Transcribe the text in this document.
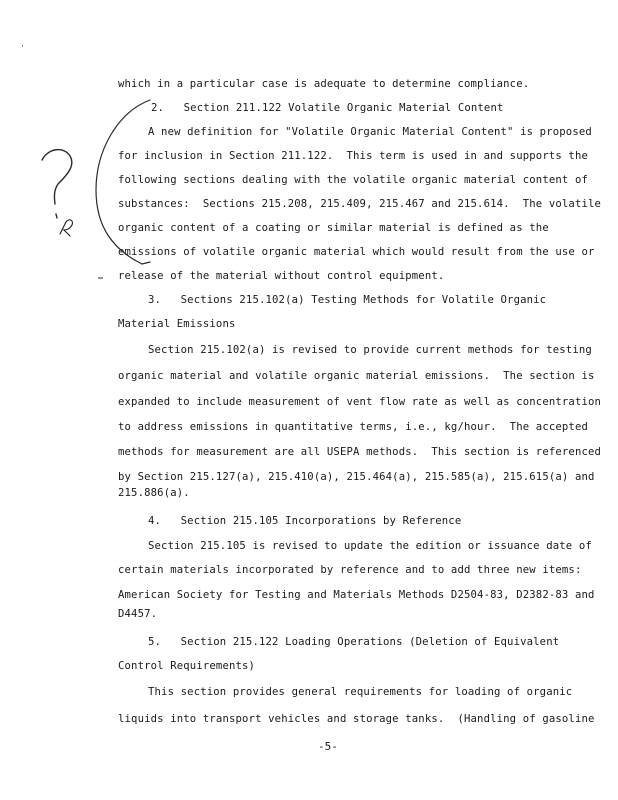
which in a particular case is adequate to determine compliance.
2.   Section 211.122 Volatile Organic Material Content
A new definition for "Volatile Organic Material Content" is proposed
for inclusion in Section 211.122.  This term is used in and supports the
following sections dealing with the volatile organic material content of
substances:  Sections 215.208, 215.409, 215.467 and 215.614.  The volatile
organic content of a coating or similar material is defined as the
emissions of volatile organic material which would result from the use or
release of the material without control equipment.
3.   Sections 215.102(a) Testing Methods for Volatile Organic
Material Emissions
Section 215.102(a) is revised to provide current methods for testing
organic material and volatile organic material emissions.  The section is
expanded to include measurement of vent flow rate as well as concentration
to address emissions in quantitative terms, i.e., kg/hour.  The accepted
methods for measurement are all USEPA methods.  This section is referenced
by Section 215.127(a), 215.410(a), 215.464(a), 215.585(a), 215.615(a) and
215.886(a).
4.   Section 215.105 Incorporations by Reference
Section 215.105 is revised to update the edition or issuance date of
certain materials incorporated by reference and to add three new items:
American Society for Testing and Materials Methods D2504-83, D2382-83 and
D4457.
5.   Section 215.122 Loading Operations (Deletion of Equivalent
Control Requirements)
This section provides general requirements for loading of organic
liquids into transport vehicles and storage tanks.  (Handling of gasoline
-5-
